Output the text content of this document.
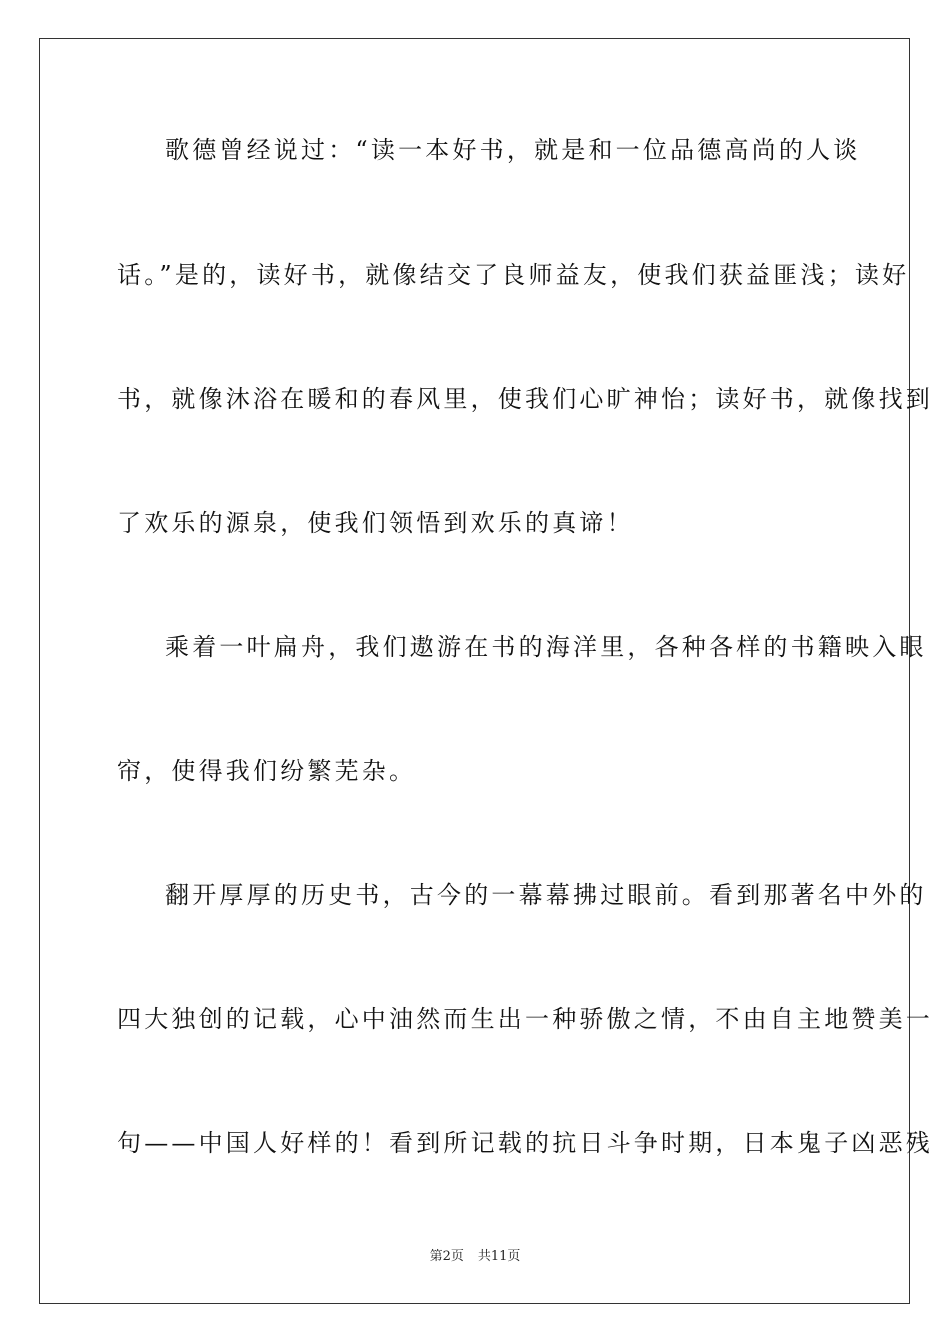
歌德曾经说过：“读一本好书，就是和一位品德高尚的人谈
话。”是的，读好书，就像结交了良师益友，使我们获益匪浅；读好
书，就像沐浴在暖和的春风里，使我们心旷神怡；读好书，就像找到
了欢乐的源泉，使我们领悟到欢乐的真谛！
乘着一叶扁舟，我们遨游在书的海洋里，各种各样的书籍映入眼
帘，使得我们纷繁芜杂。
翻开厚厚的历史书，古今的一幕幕拂过眼前。看到那著名中外的
四大独创的记载，心中油然而生出一种骄傲之情，不由自主地赞美一
句——中国人好样的！看到所记载的抗日斗争时期，日本鬼子凶恶残
第2页 共11页
